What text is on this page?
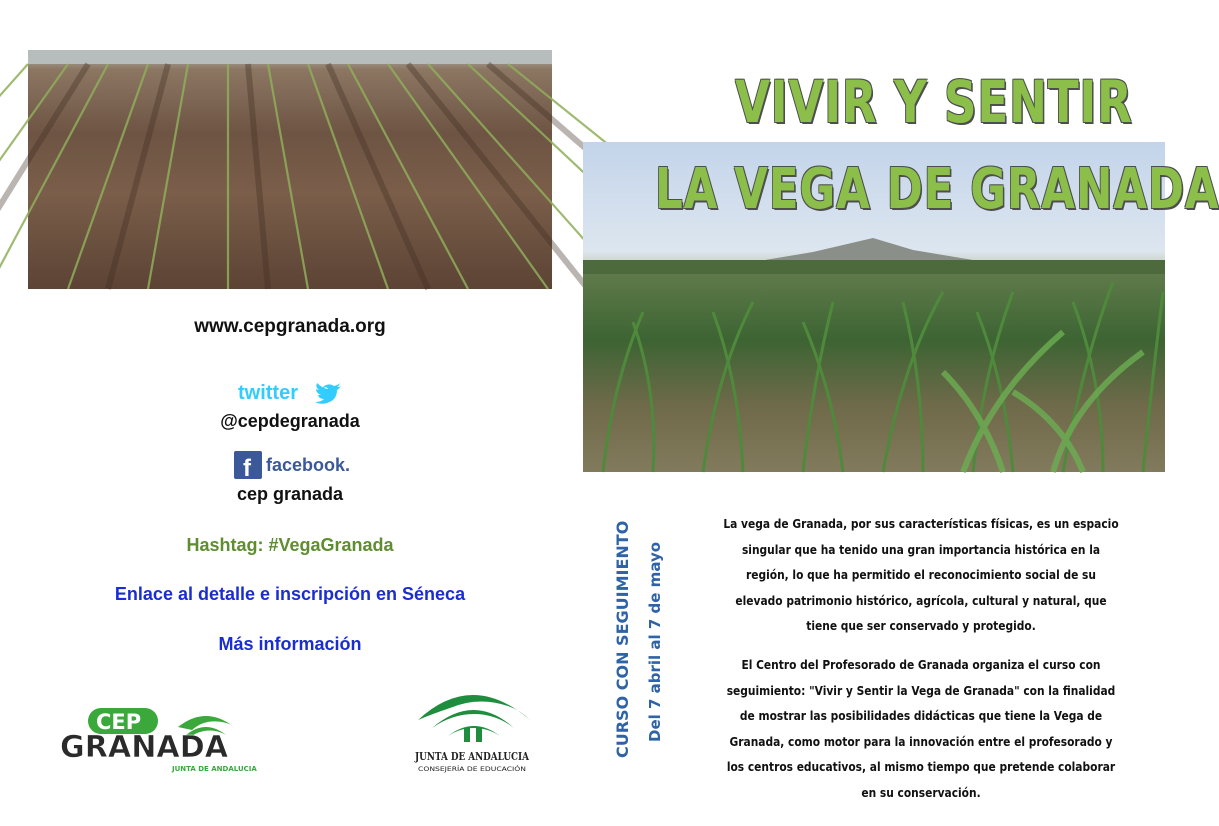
www.cepgranada.org
twitter
@cepdegranada
f facebook.
cep granada
Hashtag: #VegaGranada
Enlace al detalle e inscripción en Séneca
Más información
CEP
GRANADA
JUNTA DE ANDALUCIA
JUNTA DE ANDALUCIA
CONSEJERÍA DE EDUCACIÓN
VIVIR Y SENTIR
LA VEGA DE GRANADA
CURSO CON SEGUIMIENTO Del 7 abril al 7 de mayo
La vega de Granada, por sus características físicas, es un espacio singular que ha tenido una gran importancia histórica en la región, lo que ha permitido el reconocimiento social de su elevado patrimonio histórico, agrícola, cultural y natural, que tiene que ser conservado y protegido.
El Centro del Profesorado de Granada organiza el curso con seguimiento: "Vivir y Sentir la Vega de Granada" con la finalidad de mostrar las posibilidades didácticas que tiene la Vega de Granada, como motor para la innovación entre el profesorado y los centros educativos, al mismo tiempo que pretende colaborar en su conservación.
